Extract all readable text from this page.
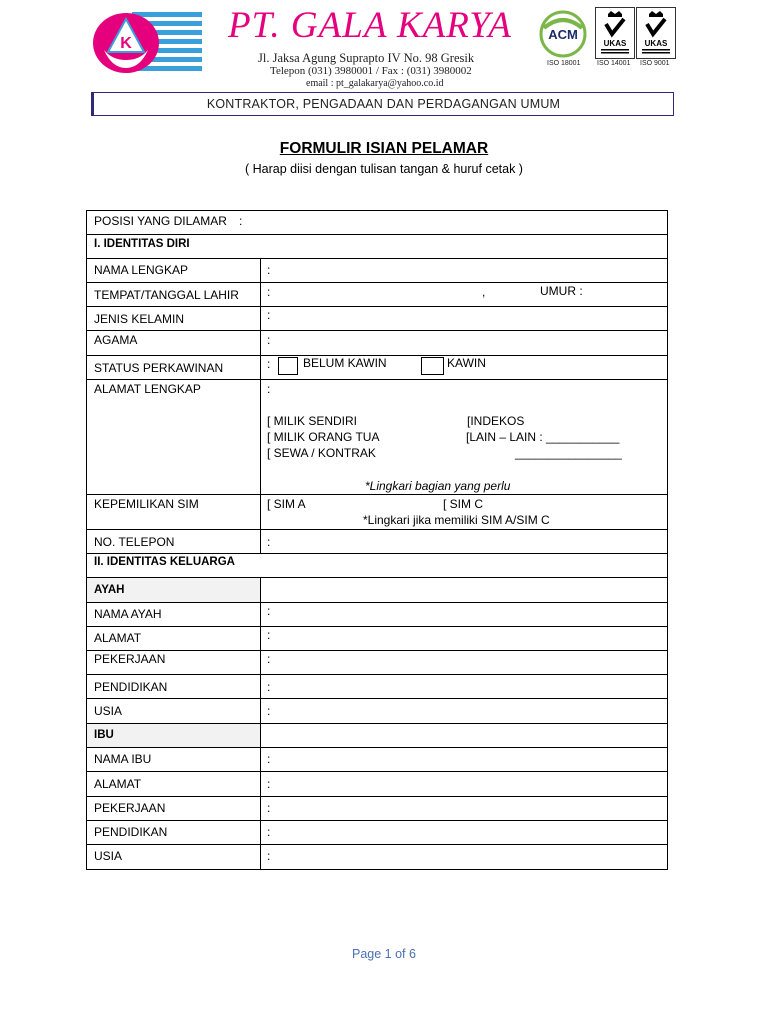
K	PT. GALA KARYA
Jl. Jaksa Agung Suprapto IV No. 98 Gresik
Telepon (031) 3980001 / Fax : (031) 3980002
email : pt_galakarya@yahoo.co.id
ACM
UKAS UKAS
ISO 18001 ISO 14001 ISO 9001
KONTRAKTOR, PENGADAAN DAN PERDAGANGAN UMUM
FORMULIR ISIAN PELAMAR
( Harap diisi dengan tulisan tangan & huruf cetak )
POSISI YANG DILAMAR :
I. IDENTITAS DIRI
NAMA LENGKAP	:
TEMPAT/TANGGAL LAHIR :	,	UMUR :
JENIS KELAMIN	:
AGAMA	:
STATUS PERKAWINAN	:	BELUM KAWIN	KAWIN
ALAMAT LENGKAP	:
[ MILIK SENDIRI	[INDEKOS
[ MILIK ORANG TUA	[LAIN – LAIN : ___________
[ SEWA / KONTRAK	________________
*Lingkari bagian yang perlu
KEPEMILIKAN SIM	[ SIM A	[ SIM C
*Lingkari jika memiliki SIM A/SIM C
NO. TELEPON	:
II. IDENTITAS KELUARGA
AYAH
NAMA AYAH	:
ALAMAT	:
PEKERJAAN	:
PENDIDIKAN	:
USIA	:
IBU
NAMA IBU	:
ALAMAT	:
PEKERJAAN	:
PENDIDIKAN	:
USIA	:
Page 1 of 6
